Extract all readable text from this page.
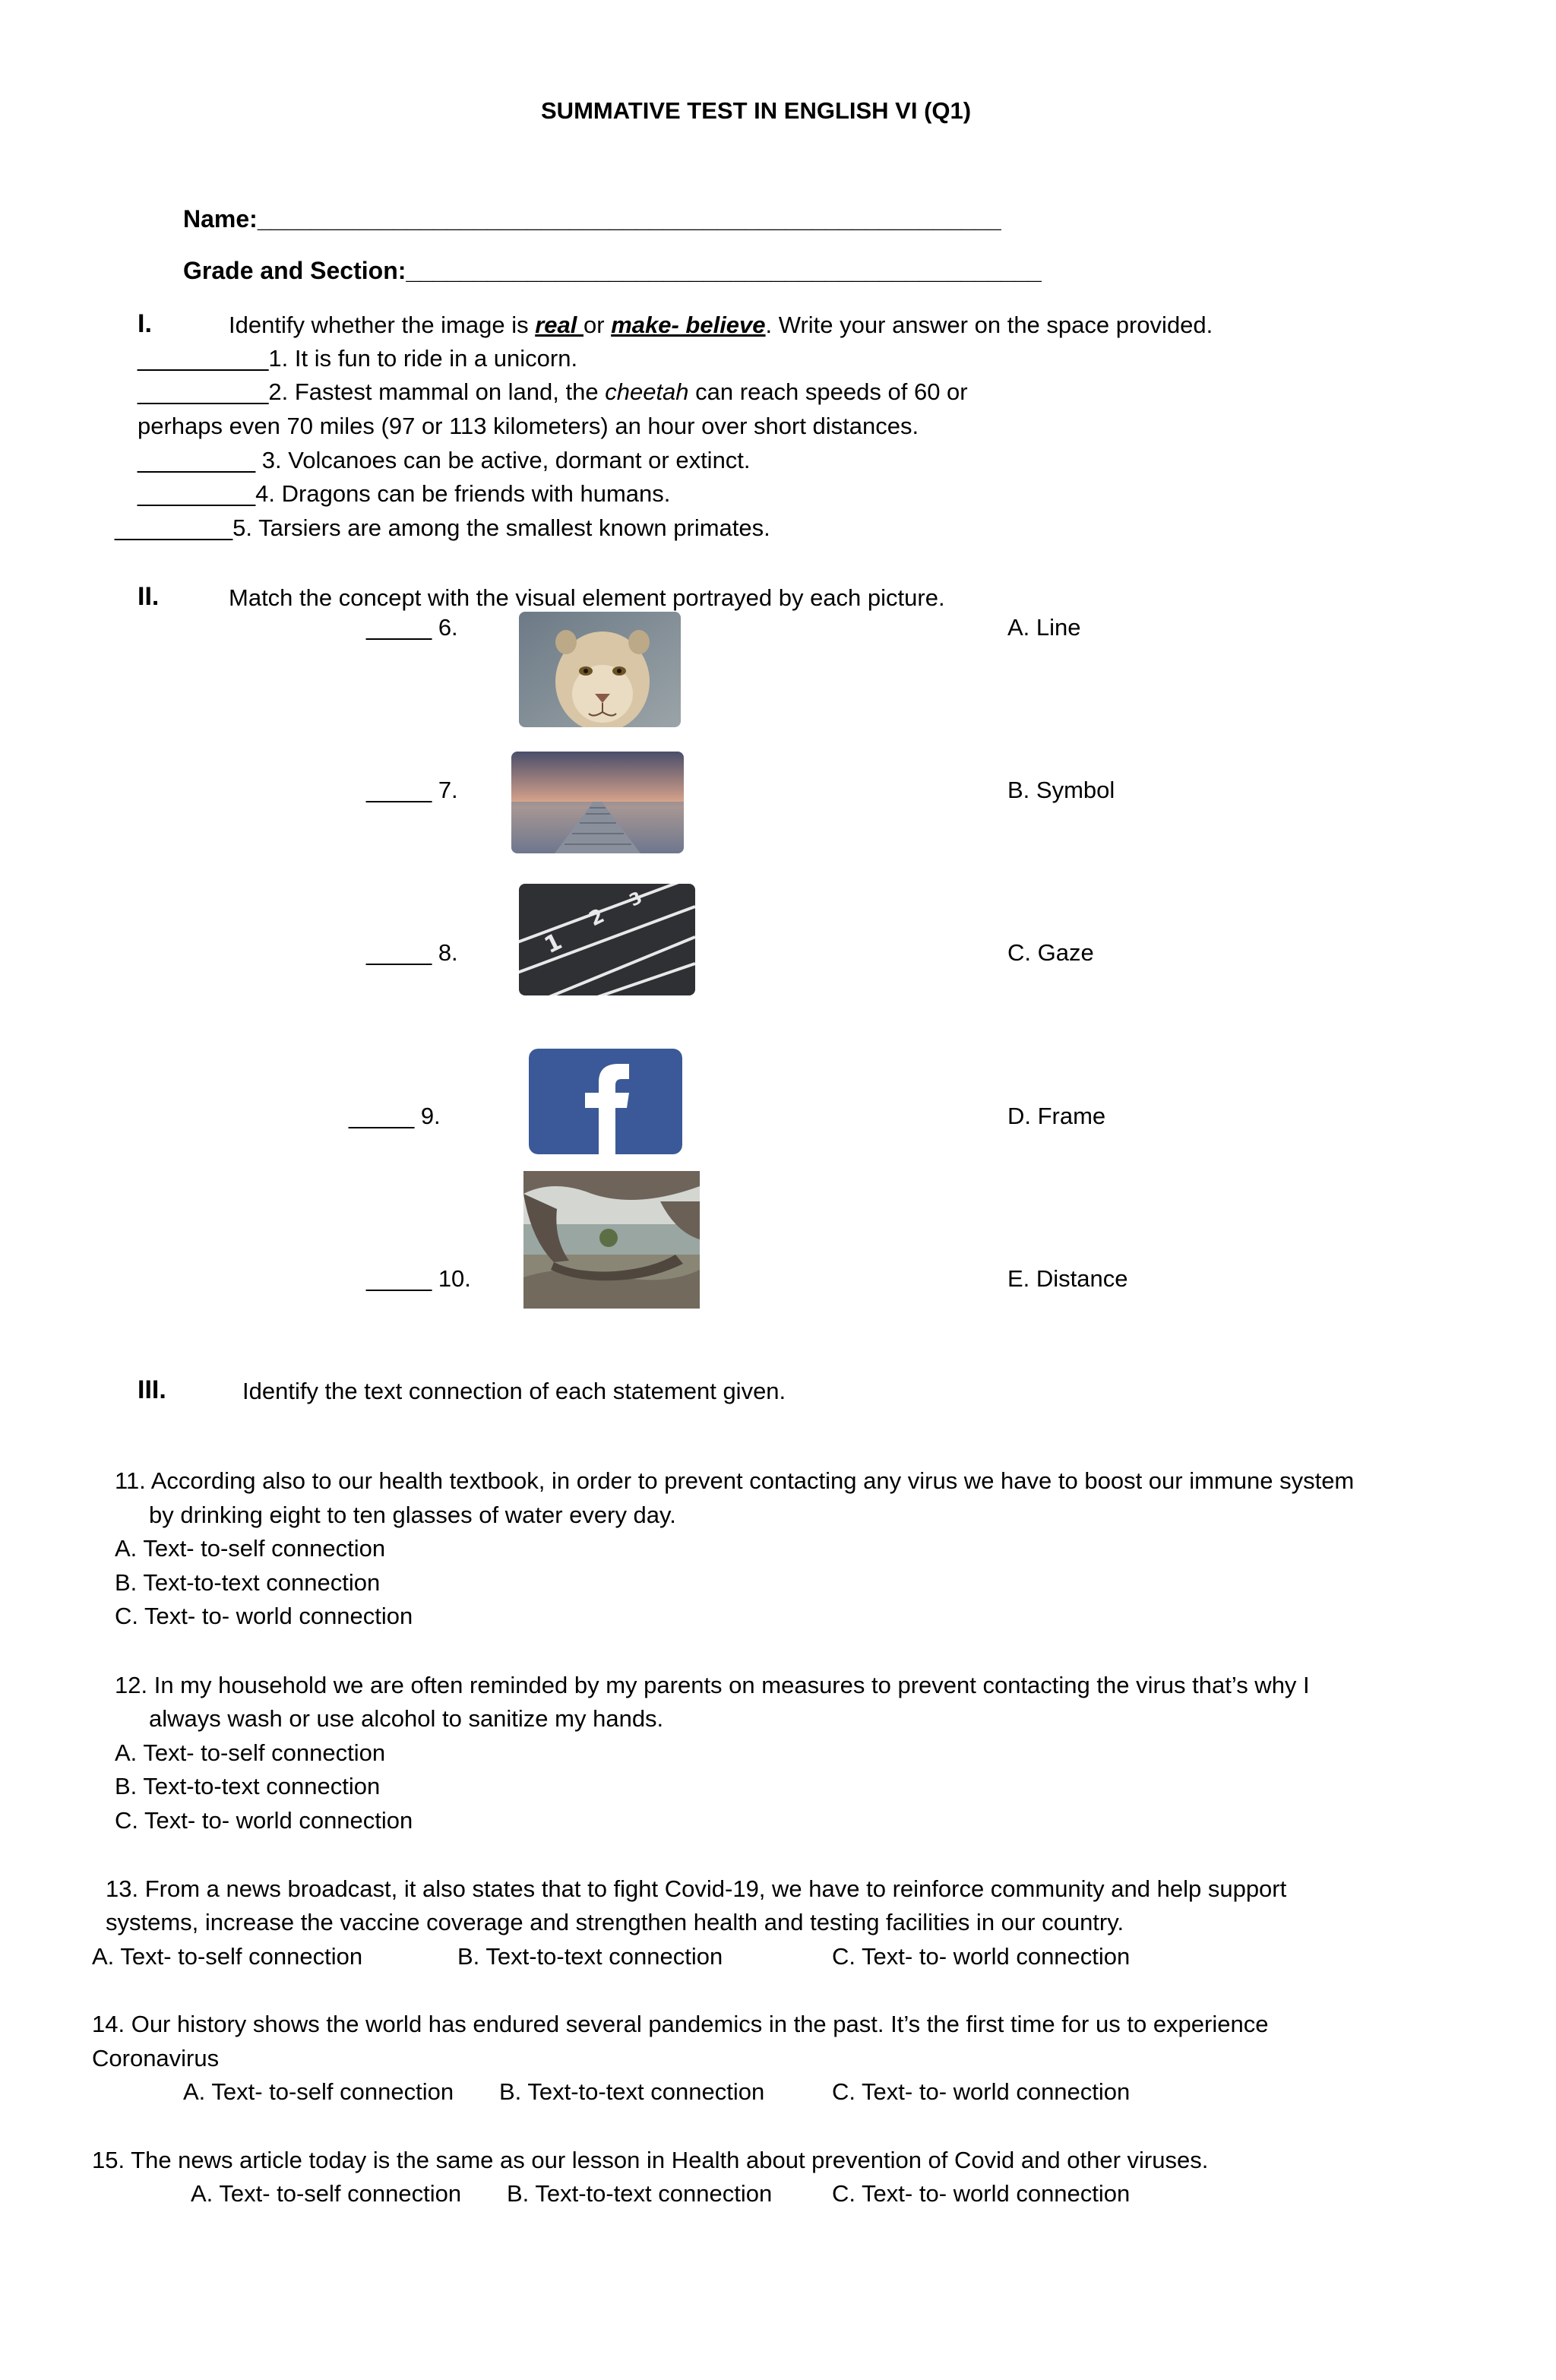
SUMMATIVE TEST IN ENGLISH VI (Q1)
Name:_______________________________________________________
Grade and Section:_______________________________________________
I.	Identify whether the image is real or make- believe. Write your answer on the space provided.
__________1. It is fun to ride in a unicorn.
__________2. Fastest mammal on land, the cheetah can reach speeds of 60 or
perhaps even 70 miles (97 or 113 kilometers) an hour over short distances.
_________ 3. Volcanoes can be active, dormant or extinct.
_________4. Dragons can be friends with humans.
_________5. Tarsiers are among the smallest known primates.
II.	Match the concept with the visual element portrayed by each picture.
_____ 6.	A. Line
_____ 7.	B. Symbol
_____ 8.	C. Gaze
_____ 9.	D. Frame
_____ 10.	E. Distance
1
2
3
III.	Identify the text connection of each statement given.
11. According also to our health textbook, in order to prevent contacting any virus we have to boost our immune system
by drinking eight to ten glasses of water every day.
A. Text- to-self connection
B. Text-to-text connection
C. Text- to- world connection
12. In my household we are often reminded by my parents on measures to prevent contacting the virus that’s why I
always wash or use alcohol to sanitize my hands.
A. Text- to-self connection
B. Text-to-text connection
C. Text- to- world connection
13. From a news broadcast, it also states that to fight Covid-19, we have to reinforce community and help support
systems, increase the vaccine coverage and strengthen health and testing facilities in our country.
A. Text- to-self connection	B. Text-to-text connection	C. Text- to- world connection
14. Our history shows the world has endured several pandemics in the past. It’s the first time for us to experience
Coronavirus
A. Text- to-self connection B. Text-to-text connection	C. Text- to- world connection
15. The news article today is the same as our lesson in Health about prevention of Covid and other viruses.
A. Text- to-self connection B. Text-to-text connection	C. Text- to- world connection
